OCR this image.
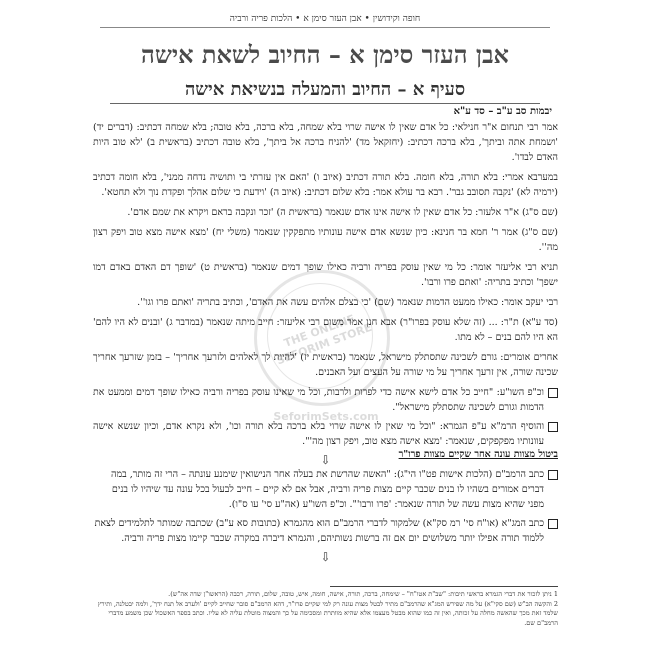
חופה וקידושין • אבן העזר סימן א • הלכות פריה ורביה
אבן העזר סימן א – החיוב לשאת אישה
סעיף א – החיוב והמעלה בנשיאת אישה
יבמות סב ע"ב – סד ע"א

אמר רבי תנחום א"ר חנילאי: כל אדם שאין לו אישה שרוי בלא שמחה, בלא ברכה, בלא טובה; בלא שמחה דכתיב: (דברים יד) 'ושמחת אתה וביתך', בלא ברכה דכתיב: (יחזקאל מד) 'להניח ברכה אל ביתך', בלא טובה דכתיב (בראשית ב) 'לא טוב היות האדם לבדו'.

במערבא אמרי: בלא תורה, בלא חומה. בלא תורה דכתיב (איוב ו) 'האם אין עזרתי בי ותושיה נדחה ממני', בלא חומה דכתיב (ירמיה לא) 'נקבה תסובב גבר'. רבא בר עולא אמר: בלא שלום דכתיב: (איוב ה) 'וידעת כי שלום אהלך ופקדת נוך ולא תחטא'.

(שם ס"ג) א"ר אלעזר: כל אדם שאין לו אישה אינו אדם שנאמר (בראשית ה) 'זכר ונקבה בראם ויקרא את שמם אדם'.

(שם ס"ג) אמר ר' חמא בר חנינא: כיון שנשא אדם אישה עונותיו מתפקקין שנאמר (משלי יח) 'מצא אישה מצא טוב ויפק רצון מה''.

תניא רבי אליעזר אומר: כל מי שאין עוסק בפריה ורביה כאילו שופך דמים שנאמר (בראשית ט) 'שופך דם האדם באדם דמו ישפך' וכתיב בתריה: 'ואתם פרו ורבו'.

רבי יעקב אומר: כאילו ממעט הדמות שנאמר (שם) 'כי בצלם אלהים עשה את האדם', וכתיב בתריה 'ואתם פרו וגו''.

(סד ע"א) ת"ר: ... (זה שלא עוסק בפרו"ר) אבא חנן אמר משום רבי אליעזר: חייב מיתה שנאמר (במדבר ג) 'ובנים לא היו להם' הא היו להם בנים – לא מתו.

אחרים אומרים: גורם לשכינה שתסתלק מישראל, שנאמר (בראשית יז) 'להיות לך לאלהים ולזרעך אחריך' – בזמן שזרעך אחריך שכינה שורה, אין זרעך אחריך על מי שורה על העצים ועל האבנים.

וכ"פ השו"ע: "חייב כל אדם לישא אישה כדי לפרות ולרבות, וכל מי שאינו עוסק בפריה ורביה כאילו שופך דמים וממעט את הדמות וגורם לשכינה שתסתלק מישראל".
והוסיף הרמ"א ע"פ הגמרא: "וכל מי שאין לו אישה שרוי בלא ברכה בלא תורה וכו', ולא נקרא אדם, וכיון שנשא אישה עוונותיו מפקפקים, שנאמר: 'מצא אישה מצא טוב, ויפק רצון מה'".
⇩	ביטול מצוות עונה אחר שקיים מצוות פרו"ר
כתב הרמב"ם (הלכות אישות פט"ו הי"ג): "האשה שהרשת את בעלה אחר הנישואין שימנע עונתה – הרי זה מותר, במה דברים אמורים בשהיו לו בנים שכבר קיים מצות פריה ורביה, אבל אם לא קיים – חייב לבעול בכל עונה עד שיהיו לו בנים מפני שהיא מצות עשה של תורה שנאמר: 'פרו ורבו'". וכ"פ השו"ע (אה"ע סי' עו ס"ו).
כתב המג"א (או"ח סי' רמ סק"א) שלמקור לדברי הרמב"ם הוא מהגמרא (כתובות סא ע"ב) שכתבה שמותר לתלמידים לצאת ללמוד תורה אפילו יותר משלושים יום אם זה ברשות נשותיהם, והגמרא דיברה במקרה שכבר קיימו מצות פריה ורביה.
⇩

1 ניתן לזכור את דברי הגמרא בראשי תיבות: "שב"ת אטו"ח" – שימחה, ברכה, תורה, אישה, חומה, איש, טובה, שלום, תורה, רכבה (הראשו"ן שדה אה"ש).

2 והקשה הב"ש (שם סקי"א) על מה שפירש המג"א שהרמב"ם מתיר לבטל מצות עונה רק למי שקיים פרו"ר, דהא הרמב"ם סובר שחייב לקיים 'ולערב אל תנח ידך', ולמה יבטלנה, ותירץ שלמד זאת מכך שהאשה מחלה על זכותה, ואין זה כמו שהוא מבטל מעצמו אלא שהיא מוותרת ומסכימה על כך והמצוה מוטלת עליה לא עליו. וכתב בספר האשכול שכן משמע מדברי הרמב"ם שם.

THE ONLINE SEFORIM STORE
SeforimSets.com
